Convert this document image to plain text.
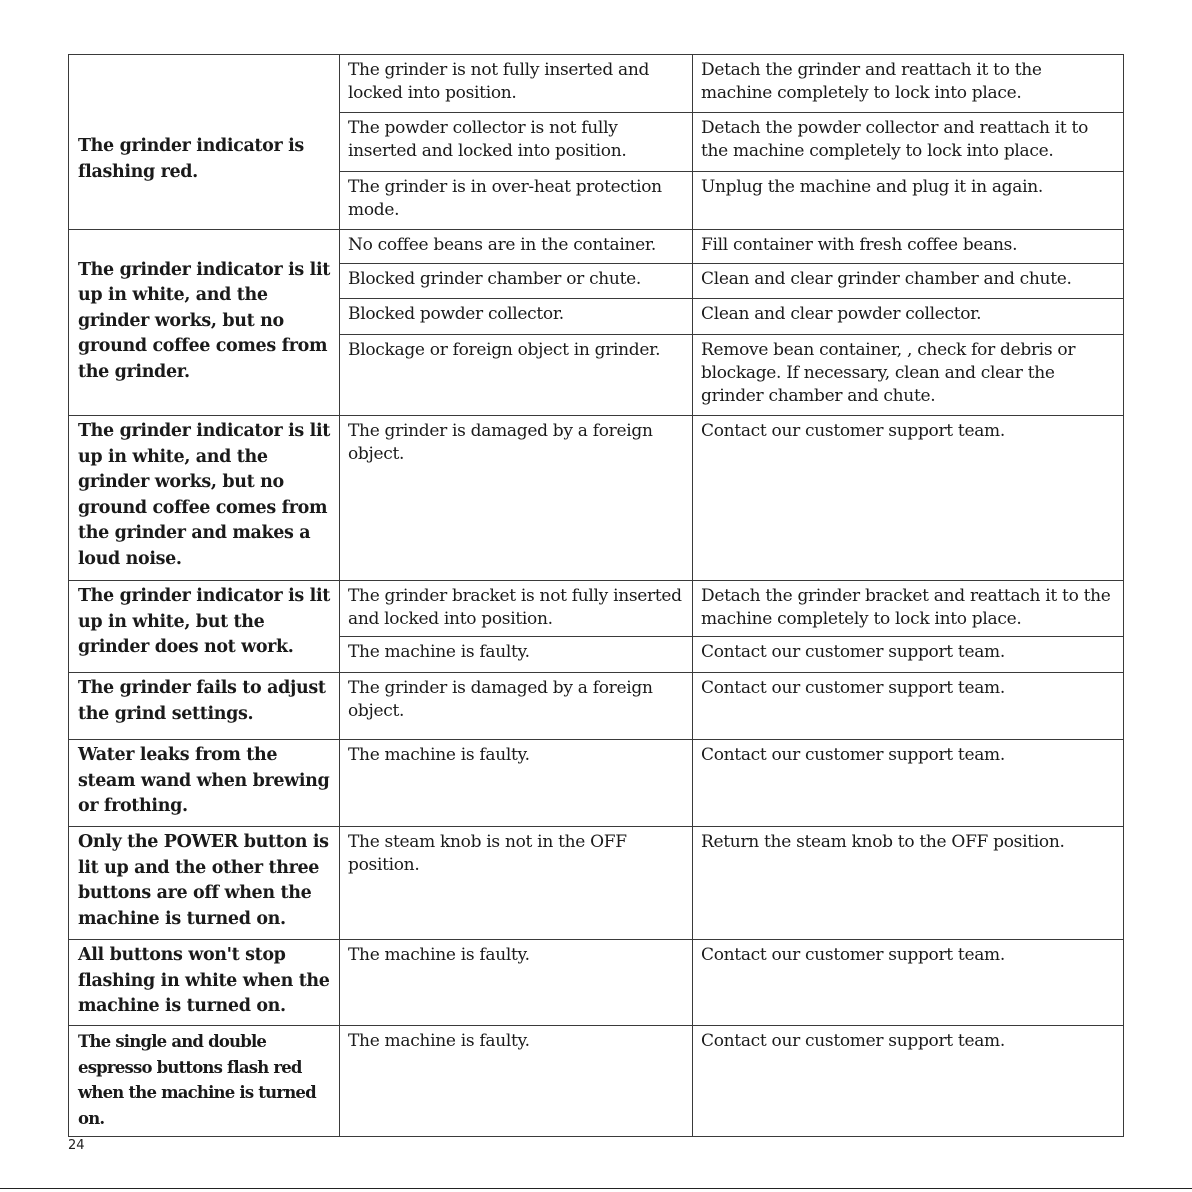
The grinder indicator is flashing red.	The grinder is not fully inserted and locked into position.	Detach the grinder and reattach it to the machine completely to lock into place.
	The powder collector is not fully inserted and locked into position.	Detach the powder collector and reattach it to the machine completely to lock into place.
	The grinder is in over-heat protection mode.	Unplug the machine and plug it in again.
The grinder indicator is lit up in white, and the grinder works, but no ground coffee comes from the grinder.	No coffee beans are in the container.	Fill container with fresh coffee beans.
	Blocked grinder chamber or chute.	Clean and clear grinder chamber and chute.
	Blocked powder collector.	Clean and clear powder collector.
	Blockage or foreign object in grinder.	Remove bean container, , check for debris or blockage. If necessary, clean and clear the grinder chamber and chute.
The grinder indicator is lit up in white, and the grinder works, but no ground coffee comes from the grinder and makes a loud noise.	The grinder is damaged by a foreign object.	Contact our customer support team.
The grinder indicator is lit up in white, but the grinder does not work.	The grinder bracket is not fully inserted and locked into position.	Detach the grinder bracket and reattach it to the machine completely to lock into place.
	The machine is faulty.	Contact our customer support team.
The grinder fails to adjust the grind settings.	The grinder is damaged by a foreign object.	Contact our customer support team.
Water leaks from the steam wand when brewing or frothing.	The machine is faulty.	Contact our customer support team.
Only the POWER button is lit up and the other three buttons are off when the machine is turned on.	The steam knob is not in the OFF position.	Return the steam knob to the OFF position.
All buttons won't stop flashing in white when the machine is turned on.	The machine is faulty.	Contact our customer support team.
The single and double espresso buttons flash red when the machine is turned on.	The machine is faulty.	Contact our customer support team.
24
